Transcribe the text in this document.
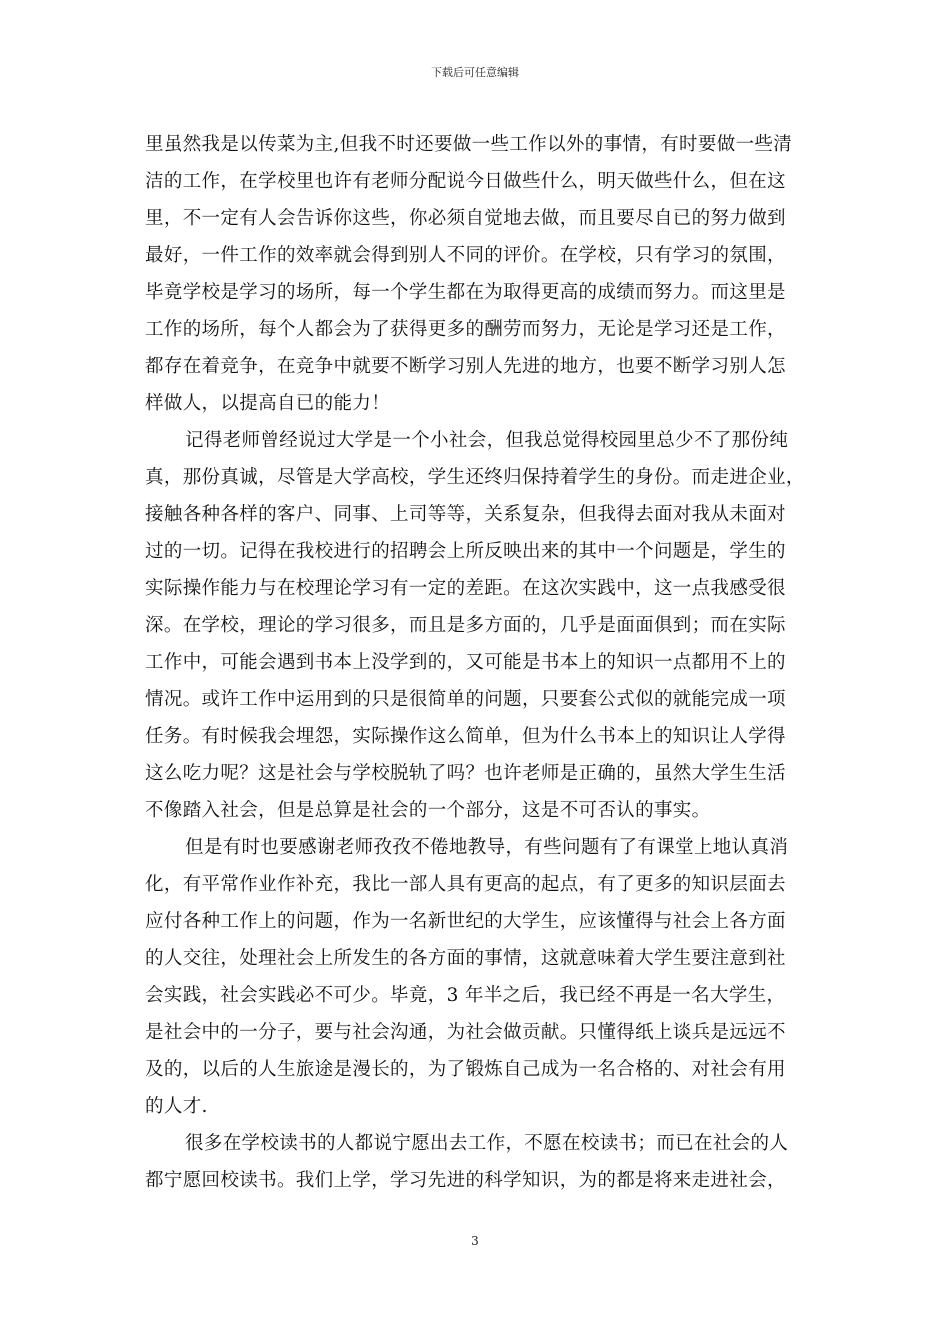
下载后可任意编辑
里虽然我是以传菜为主,但我不时还要做一些工作以外的事情，有时要做一些清
洁的工作，在学校里也许有老师分配说今日做些什么，明天做些什么，但在这
里，不一定有人会告诉你这些，你必须自觉地去做，而且要尽自已的努力做到
最好，一件工作的效率就会得到别人不同的评价。在学校，只有学习的氛围，
毕竟学校是学习的场所，每一个学生都在为取得更高的成绩而努力。而这里是
工作的场所，每个人都会为了获得更多的酬劳而努力，无论是学习还是工作，
都存在着竞争，在竞争中就要不断学习别人先进的地方，也要不断学习别人怎
样做人，以提高自已的能力！
记得老师曾经说过大学是一个小社会，但我总觉得校园里总少不了那份纯
真，那份真诚，尽管是大学高校，学生还终归保持着学生的身份。而走进企业，
接触各种各样的客户、同事、上司等等，关系复杂，但我得去面对我从未面对
过的一切。记得在我校进行的招聘会上所反映出来的其中一个问题是，学生的
实际操作能力与在校理论学习有一定的差距。在这次实践中，这一点我感受很
深。在学校，理论的学习很多，而且是多方面的，几乎是面面俱到；而在实际
工作中，可能会遇到书本上没学到的，又可能是书本上的知识一点都用不上的
情况。或许工作中运用到的只是很简单的问题，只要套公式似的就能完成一项
任务。有时候我会埋怨，实际操作这么简单，但为什么书本上的知识让人学得
这么吃力呢？这是社会与学校脱轨了吗？也许老师是正确的，虽然大学生生活
不像踏入社会，但是总算是社会的一个部分，这是不可否认的事实。
但是有时也要感谢老师孜孜不倦地教导，有些问题有了有课堂上地认真消
化，有平常作业作补充，我比一部人具有更高的起点，有了更多的知识层面去
应付各种工作上的问题，作为一名新世纪的大学生，应该懂得与社会上各方面
的人交往，处理社会上所发生的各方面的事情，这就意味着大学生要注意到社
会实践，社会实践必不可少。毕竟，3 年半之后，我已经不再是一名大学生，
是社会中的一分子，要与社会沟通，为社会做贡献。只懂得纸上谈兵是远远不
及的，以后的人生旅途是漫长的，为了锻炼自己成为一名合格的、对社会有用
的人才.
很多在学校读书的人都说宁愿出去工作，不愿在校读书；而已在社会的人
都宁愿回校读书。我们上学，学习先进的科学知识，为的都是将来走进社会，
3
